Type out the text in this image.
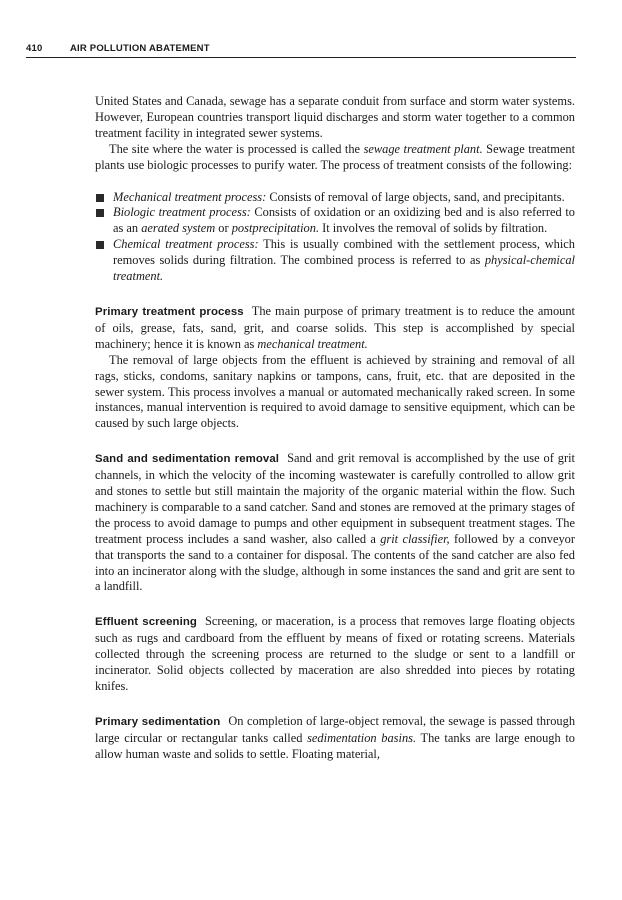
410	AIR POLLUTION ABATEMENT

United States and Canada, sewage has a separate conduit from surface and storm water systems. However, European countries transport liquid discharges and storm water together to a common treatment facility in integrated sewer systems.

The site where the water is processed is called the sewage treatment plant. Sewage treatment plants use biologic processes to purify water. The process of treatment consists of the following:

Mechanical treatment process: Consists of removal of large objects, sand, and precipitants.
Biologic treatment process: Consists of oxidation or an oxidizing bed and is also referred to as an aerated system or postprecipitation. It involves the removal of solids by filtration.
Chemical treatment process: This is usually combined with the settlement process, which removes solids during filtration. The combined process is referred to as physical-chemical treatment.

Primary treatment process The main purpose of primary treatment is to reduce the amount of oils, grease, fats, sand, grit, and coarse solids. This step is accomplished by special machinery; hence it is known as mechanical treatment.

The removal of large objects from the effluent is achieved by straining and removal of all rags, sticks, condoms, sanitary napkins or tampons, cans, fruit, etc. that are deposited in the sewer system. This process involves a manual or automated mechanically raked screen. In some instances, manual intervention is required to avoid damage to sensitive equipment, which can be caused by such large objects.

Sand and sedimentation removal Sand and grit removal is accomplished by the use of grit channels, in which the velocity of the incoming wastewater is carefully controlled to allow grit and stones to settle but still maintain the majority of the organic material within the flow. Such machinery is comparable to a sand catcher. Sand and stones are removed at the primary stages of the process to avoid damage to pumps and other equipment in subsequent treatment stages. The treatment process includes a sand washer, also called a grit classifier, followed by a conveyor that transports the sand to a container for disposal. The contents of the sand catcher are also fed into an incinerator along with the sludge, although in some instances the sand and grit are sent to a landfill.

Effluent screening Screening, or maceration, is a process that removes large floating objects such as rugs and cardboard from the effluent by means of fixed or rotating screens. Materials collected through the screening process are returned to the sludge or sent to a landfill or incinerator. Solid objects collected by maceration are also shredded into pieces by rotating knifes.

Primary sedimentation On completion of large-object removal, the sewage is passed through large circular or rectangular tanks called sedimentation basins. The tanks are large enough to allow human waste and solids to settle. Floating material,
